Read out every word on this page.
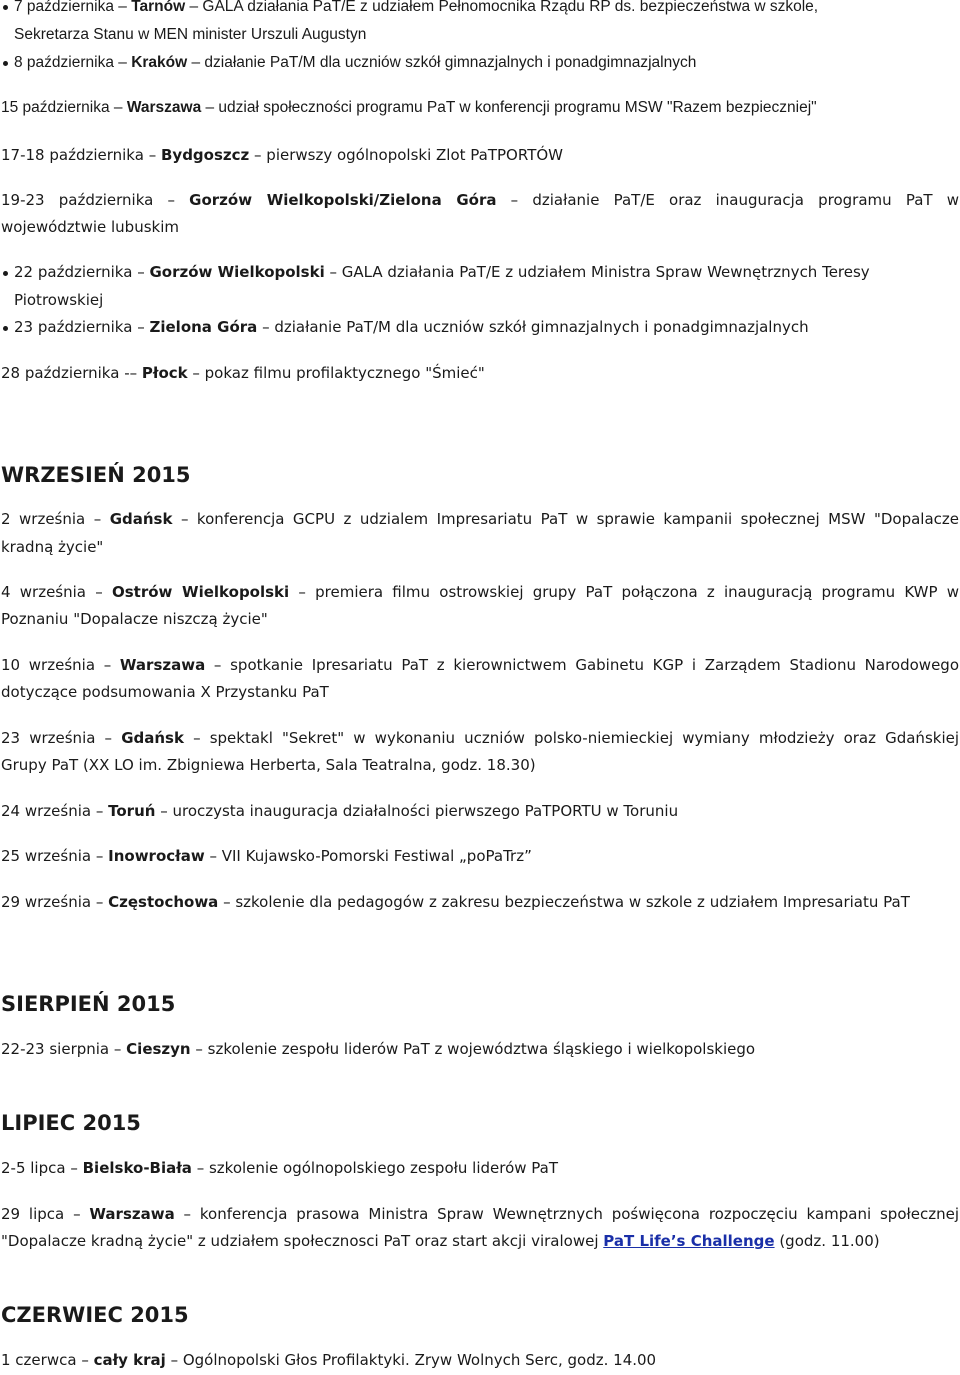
7 października – Tarnów – GALA działania PaT/E z udziałem Pełnomocnika Rządu RP ds. bezpieczeństwa w szkole,
Sekretarza Stanu w MEN minister Urszuli Augustyn
8 października – Kraków – działanie PaT/M dla uczniów szkół gimnazjalnych i ponadgimnazjalnych
15 października – Warszawa – udział społeczności programu PaT w konferencji programu MSW "Razem bezpieczniej"
17-18 października – Bydgoszcz – pierwszy ogólnopolski Zlot PaTPORTÓW
19-23 października – Gorzów Wielkopolski/Zielona Góra – działanie PaT/E oraz inauguracja programu PaT w
województwie lubuskim
22 października – Gorzów Wielkopolski – GALA działania PaT/E z udziałem Ministra Spraw Wewnętrznych Teresy
Piotrowskiej
23 października – Zielona Góra – działanie PaT/M dla uczniów szkół gimnazjalnych i ponadgimnazjalnych
28 października -– Płock – pokaz filmu profilaktycznego "Śmieć"
WRZESIEŃ 2015
2 września – Gdańsk – konferencja GCPU z udzialem Impresariatu PaT w sprawie kampanii społecznej MSW "Dopalacze
kradną życie"
4 września – Ostrów Wielkopolski – premiera filmu ostrowskiej grupy PaT połączona z inauguracją programu KWP w
Poznaniu "Dopalacze niszczą życie"
10 września – Warszawa – spotkanie Ipresariatu PaT z kierownictwem Gabinetu KGP i Zarządem Stadionu Narodowego
dotyczące podsumowania X Przystanku PaT
23 września – Gdańsk – spektakl "Sekret" w wykonaniu uczniów polsko-niemieckiej wymiany młodzieży oraz Gdańskiej
Grupy PaT (XX LO im. Zbigniewa Herberta, Sala Teatralna, godz. 18.30)
24 września – Toruń – uroczysta inauguracja działalności pierwszego PaTPORTU w Toruniu
25 września – Inowrocław – VII Kujawsko-Pomorski Festiwal „poPaTrz”
29 września – Częstochowa – szkolenie dla pedagogów z zakresu bezpieczeństwa w szkole z udziałem Impresariatu PaT
SIERPIEŃ 2015
22-23 sierpnia – Cieszyn – szkolenie zespołu liderów PaT z województwa śląskiego i wielkopolskiego
LIPIEC 2015
2-5 lipca – Bielsko-Biała – szkolenie ogólnopolskiego zespołu liderów PaT
29 lipca – Warszawa – konferencja prasowa Ministra Spraw Wewnętrznych poświęcona rozpoczęciu kampani społecznej
"Dopalacze kradną życie" z udziałem społecznosci PaT oraz start akcji viralowej PaT Life’s Challenge (godz. 11.00)
CZERWIEC 2015
1 czerwca – cały kraj – Ogólnopolski Głos Profilaktyki. Zryw Wolnych Serc, godz. 14.00
